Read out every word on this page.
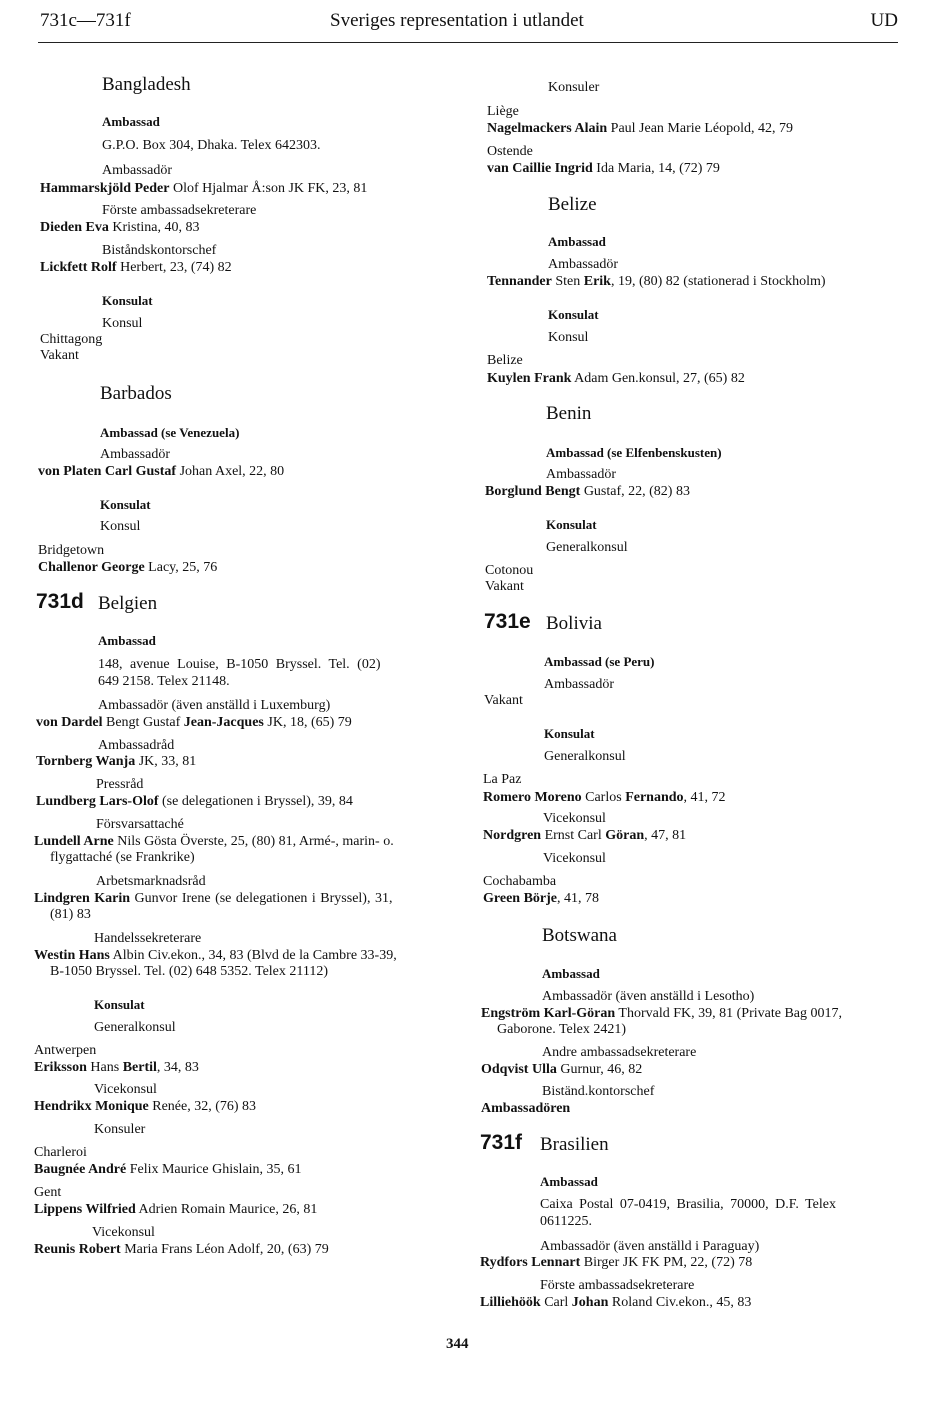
731c—731f	Sveriges representation i utlandet	UD
Bangladesh
Ambassad
G.P.O. Box 304, Dhaka. Telex 642303.
Ambassadör
Hammarskjöld Peder Olof Hjalmar Å:son JK FK, 23, 81
Förste ambassadsekreterare
Dieden Eva Kristina, 40, 83
Biståndskontorschef
Lickfett Rolf Herbert, 23, (74) 82
Konsulat
Konsul
Chittagong
Vakant
Barbados
Ambassad (se Venezuela)
Ambassadör
von Platen Carl Gustaf Johan Axel, 22, 80
Konsulat
Konsul
Bridgetown
Challenor George Lacy, 25, 76
731d Belgien
Ambassad
148, avenue Louise, B-1050 Bryssel. Tel. (02)
649 2158. Telex 21148.
Ambassadör (även anställd i Luxemburg)
von Dardel Bengt Gustaf Jean-Jacques JK, 18, (65) 79
Ambassadråd
Tornberg Wanja JK, 33, 81
Pressråd
Lundberg Lars-Olof (se delegationen i Bryssel), 39, 84
Försvarsattaché
Lundell Arne Nils Gösta Överste, 25, (80) 81, Armé-, marin- o.
flygattaché (se Frankrike)
Arbetsmarknadsråd
Lindgren Karin Gunvor Irene (se delegationen i Bryssel), 31,
(81) 83
Handelssekreterare
Westin Hans Albin Civ.ekon., 34, 83 (Blvd de la Cambre 33-39,
B-1050 Bryssel. Tel. (02) 648 5352. Telex 21112)
Konsulat
Generalkonsul
Antwerpen
Eriksson Hans Bertil, 34, 83
Vicekonsul
Hendrikx Monique Renée, 32, (76) 83
Konsuler
Charleroi
Baugnée André Felix Maurice Ghislain, 35, 61
Gent
Lippens Wilfried Adrien Romain Maurice, 26, 81
Vicekonsul
Reunis Robert Maria Frans Léon Adolf, 20, (63) 79
Konsuler
Liège
Nagelmackers Alain Paul Jean Marie Léopold, 42, 79
Ostende
van Caillie Ingrid Ida Maria, 14, (72) 79
Belize
Ambassad
Ambassadör
Tennander Sten Erik, 19, (80) 82 (stationerad i Stockholm)
Konsulat
Konsul
Belize
Kuylen Frank Adam Gen.konsul, 27, (65) 82
Benin
Ambassad (se Elfenbenskusten)
Ambassadör
Borglund Bengt Gustaf, 22, (82) 83
Konsulat
Generalkonsul
Cotonou
Vakant
731e Bolivia
Ambassad (se Peru)
Ambassadör
Vakant
Konsulat
Generalkonsul
La Paz
Romero Moreno Carlos Fernando, 41, 72
Vicekonsul
Nordgren Ernst Carl Göran, 47, 81
Vicekonsul
Cochabamba
Green Börje, 41, 78
Botswana
Ambassad
Ambassadör (även anställd i Lesotho)
Engström Karl-Göran Thorvald FK, 39, 81 (Private Bag 0017,
Gaborone. Telex 2421)
Andre ambassadsekreterare
Odqvist Ulla Gurnur, 46, 82
Biständ.kontorschef
Ambassadören
731f Brasilien
Ambassad
Caixa Postal 07-0419, Brasilia, 70000, D.F. Telex
0611225.
Ambassadör (även anställd i Paraguay)
Rydfors Lennart Birger JK FK PM, 22, (72) 78
Förste ambassadsekreterare
Lilliehöök Carl Johan Roland Civ.ekon., 45, 83
344
